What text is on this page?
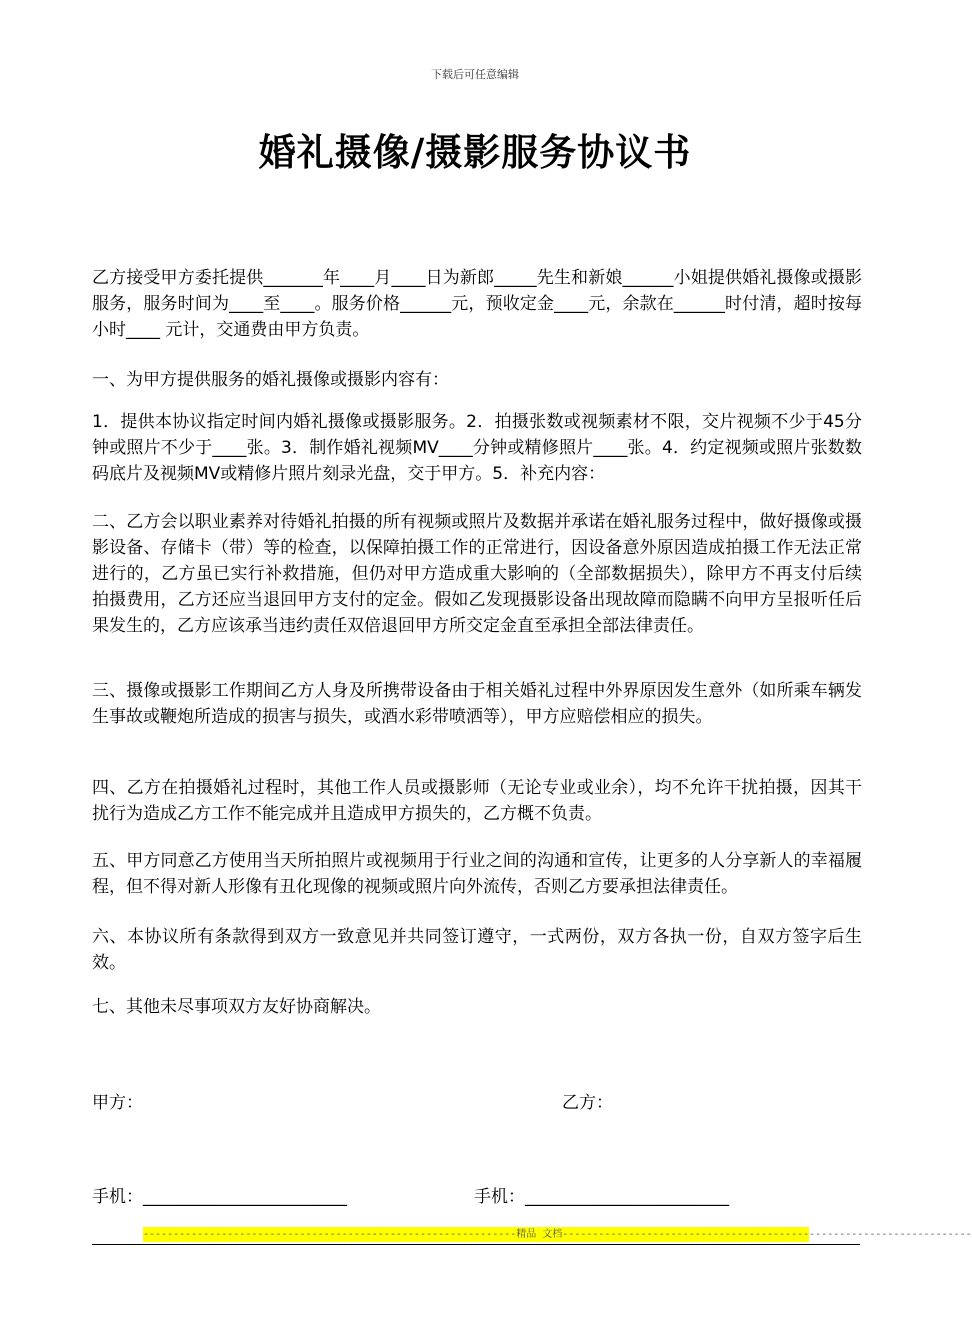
下载后可任意编辑
婚礼摄像/摄影服务协议书
乙方接受甲方委托提供_______年____月____日为新郎_____先生和新娘______小姐提供婚礼摄像或摄影服务，服务时间为____至____。服务价格______元，预收定金____元，余款在______时付清，超时按每小时____ 元计，交通费由甲方负责。
一、为甲方提供服务的婚礼摄像或摄影内容有：
1．提供本协议指定时间内婚礼摄像或摄影服务。2．拍摄张数或视频素材不限，交片视频不少于45分钟或照片不少于____张。3．制作婚礼视频MV____分钟或精修照片____张。4．约定视频或照片张数数码底片及视频MV或精修片照片刻录光盘，交于甲方。5．补充内容：
二、乙方会以职业素养对待婚礼拍摄的所有视频或照片及数据并承诺在婚礼服务过程中，做好摄像或摄影设备、存储卡（带）等的检查，以保障拍摄工作的正常进行，因设备意外原因造成拍摄工作无法正常进行的，乙方虽已实行补救措施，但仍对甲方造成重大影响的（全部数据损失），除甲方不再支付后续拍摄费用，乙方还应当退回甲方支付的定金。假如乙发现摄影设备出现故障而隐瞒不向甲方呈报听任后果发生的，乙方应该承当违约责任双倍退回甲方所交定金直至承担全部法律责任。
三、摄像或摄影工作期间乙方人身及所携带设备由于相关婚礼过程中外界原因发生意外（如所乘车辆发生事故或鞭炮所造成的损害与损失，或酒水彩带喷洒等），甲方应赔偿相应的损失。
四、乙方在拍摄婚礼过程时，其他工作人员或摄影师（无论专业或业余），均不允许干扰拍摄，因其干扰行为造成乙方工作不能完成并且造成甲方损失的，乙方概不负责。
五、甲方同意乙方使用当天所拍照片或视频用于行业之间的沟通和宣传，让更多的人分享新人的幸福履程，但不得对新人形像有丑化现像的视频或照片向外流传，否则乙方要承担法律责任。
六、本协议所有条款得到双方一致意见并共同签订遵守，一式两份，双方各执一份，自双方签字后生效。
七、其他未尽事项双方友好协商解决。
甲方：	乙方：
手机：________________________	手机：________________________
--------------------------------------------------------------精品 文档--------------------------------------------------------------------
